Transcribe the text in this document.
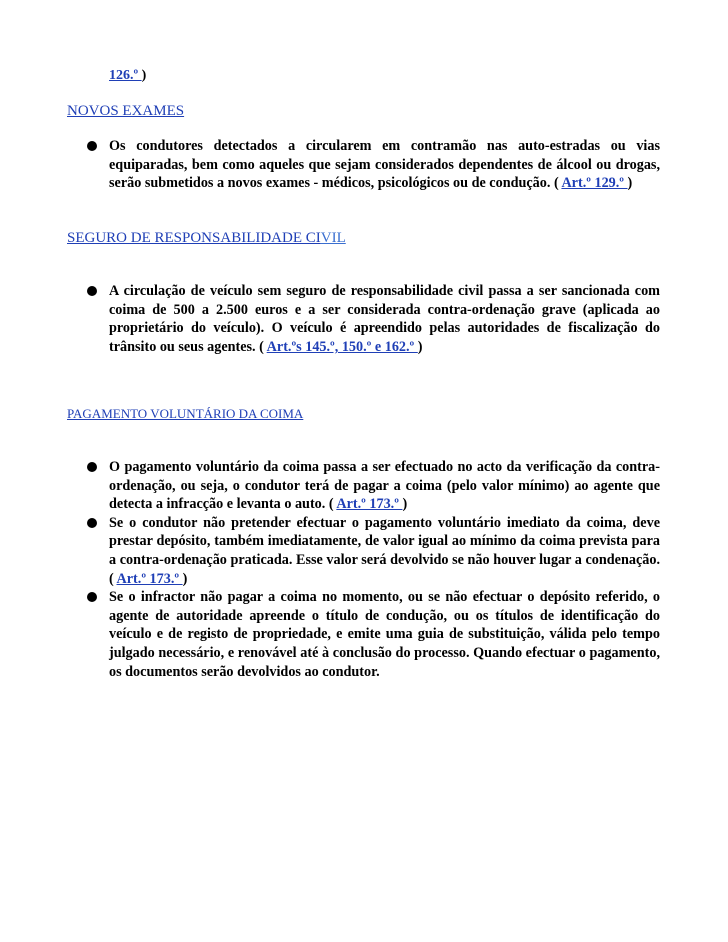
126.º )
NOVOS EXAMES
Os condutores detectados a circularem em contramão nas auto-estradas ou vias equiparadas, bem como aqueles que sejam considerados dependentes de álcool ou drogas, serão submetidos a novos exames - médicos, psicológicos ou de condução. ( Art.º 129.º )
SEGURO DE RESPONSABILIDADE CIVIL
A circulação de veículo sem seguro de responsabilidade civil passa a ser sancionada com coima de 500 a 2.500 euros e a ser considerada contra-ordenação grave (aplicada ao proprietário do veículo). O veículo é apreendido pelas autoridades de fiscalização do trânsito ou seus agentes. ( Art.ºs 145.º, 150.º e 162.º )
PAGAMENTO VOLUNTÁRIO DA COIMA
O pagamento voluntário da coima passa a ser efectuado no acto da verificação da contra-ordenação, ou seja, o condutor terá de pagar a coima (pelo valor mínimo) ao agente que detecta a infracção e levanta o auto. ( Art.º 173.º )
Se o condutor não pretender efectuar o pagamento voluntário imediato da coima, deve prestar depósito, também imediatamente, de valor igual ao mínimo da coima prevista para a contra-ordenação praticada. Esse valor será devolvido se não houver lugar a condenação. ( Art.º 173.º )
Se o infractor não pagar a coima no momento, ou se não efectuar o depósito referido, o agente de autoridade apreende o título de condução, ou os títulos de identificação do veículo e de registo de propriedade, e emite uma guia de substituição, válida pelo tempo julgado necessário, e renovável até à conclusão do processo. Quando efectuar o pagamento, os documentos serão devolvidos ao condutor.
